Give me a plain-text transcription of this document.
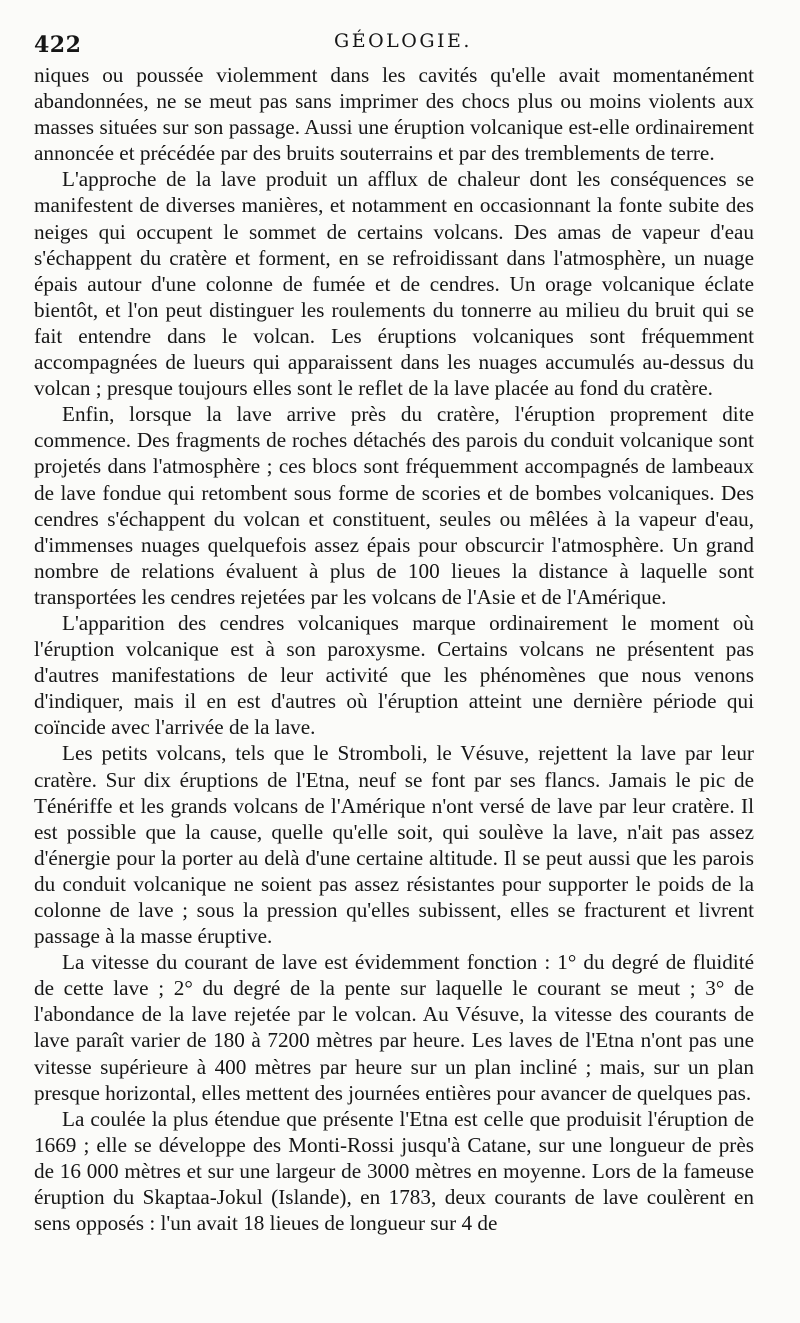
422	GÉOLOGIE.

niques ou poussée violemment dans les cavités qu'elle avait momentanément abandonnées, ne se meut pas sans imprimer des chocs plus ou moins violents aux masses situées sur son passage. Aussi une éruption volcanique est-elle ordinairement annoncée et précédée par des bruits souterrains et par des tremblements de terre.

L'approche de la lave produit un afflux de chaleur dont les conséquences se manifestent de diverses manières, et notamment en occasionnant la fonte subite des neiges qui occupent le sommet de certains volcans. Des amas de vapeur d'eau s'échappent du cratère et forment, en se refroidissant dans l'atmosphère, un nuage épais autour d'une colonne de fumée et de cendres. Un orage volcanique éclate bientôt, et l'on peut distinguer les roulements du tonnerre au milieu du bruit qui se fait entendre dans le volcan. Les éruptions volcaniques sont fréquemment accompagnées de lueurs qui apparaissent dans les nuages accumulés au-dessus du volcan ; presque toujours elles sont le reflet de la lave placée au fond du cratère.

Enfin, lorsque la lave arrive près du cratère, l'éruption proprement dite commence. Des fragments de roches détachés des parois du conduit volcanique sont projetés dans l'atmosphère ; ces blocs sont fréquemment accompagnés de lambeaux de lave fondue qui retombent sous forme de scories et de bombes volcaniques. Des cendres s'échappent du volcan et constituent, seules ou mêlées à la vapeur d'eau, d'immenses nuages quelquefois assez épais pour obscurcir l'atmosphère. Un grand nombre de relations évaluent à plus de 100 lieues la distance à laquelle sont transportées les cendres rejetées par les volcans de l'Asie et de l'Amérique.

L'apparition des cendres volcaniques marque ordinairement le moment où l'éruption volcanique est à son paroxysme. Certains volcans ne présentent pas d'autres manifestations de leur activité que les phénomènes que nous venons d'indiquer, mais il en est d'autres où l'éruption atteint une dernière période qui coïncide avec l'arrivée de la lave.

Les petits volcans, tels que le Stromboli, le Vésuve, rejettent la lave par leur cratère. Sur dix éruptions de l'Etna, neuf se font par ses flancs. Jamais le pic de Ténériffe et les grands volcans de l'Amérique n'ont versé de lave par leur cratère. Il est possible que la cause, quelle qu'elle soit, qui soulève la lave, n'ait pas assez d'énergie pour la porter au delà d'une certaine altitude. Il se peut aussi que les parois du conduit volcanique ne soient pas assez résistantes pour supporter le poids de la colonne de lave ; sous la pression qu'elles subissent, elles se fracturent et livrent passage à la masse éruptive.

La vitesse du courant de lave est évidemment fonction : 1° du degré de fluidité de cette lave ; 2° du degré de la pente sur laquelle le courant se meut ; 3° de l'abondance de la lave rejetée par le volcan. Au Vésuve, la vitesse des courants de lave paraît varier de 180 à 7200 mètres par heure. Les laves de l'Etna n'ont pas une vitesse supérieure à 400 mètres par heure sur un plan incliné ; mais, sur un plan presque horizontal, elles mettent des journées entières pour avancer de quelques pas.

La coulée la plus étendue que présente l'Etna est celle que produisit l'éruption de 1669 ; elle se développe des Monti-Rossi jusqu'à Catane, sur une longueur de près de 16 000 mètres et sur une largeur de 3000 mètres en moyenne. Lors de la fameuse éruption du Skaptaa-Jokul (Islande), en 1783, deux courants de lave coulèrent en sens opposés : l'un avait 18 lieues de longueur sur 4 de
